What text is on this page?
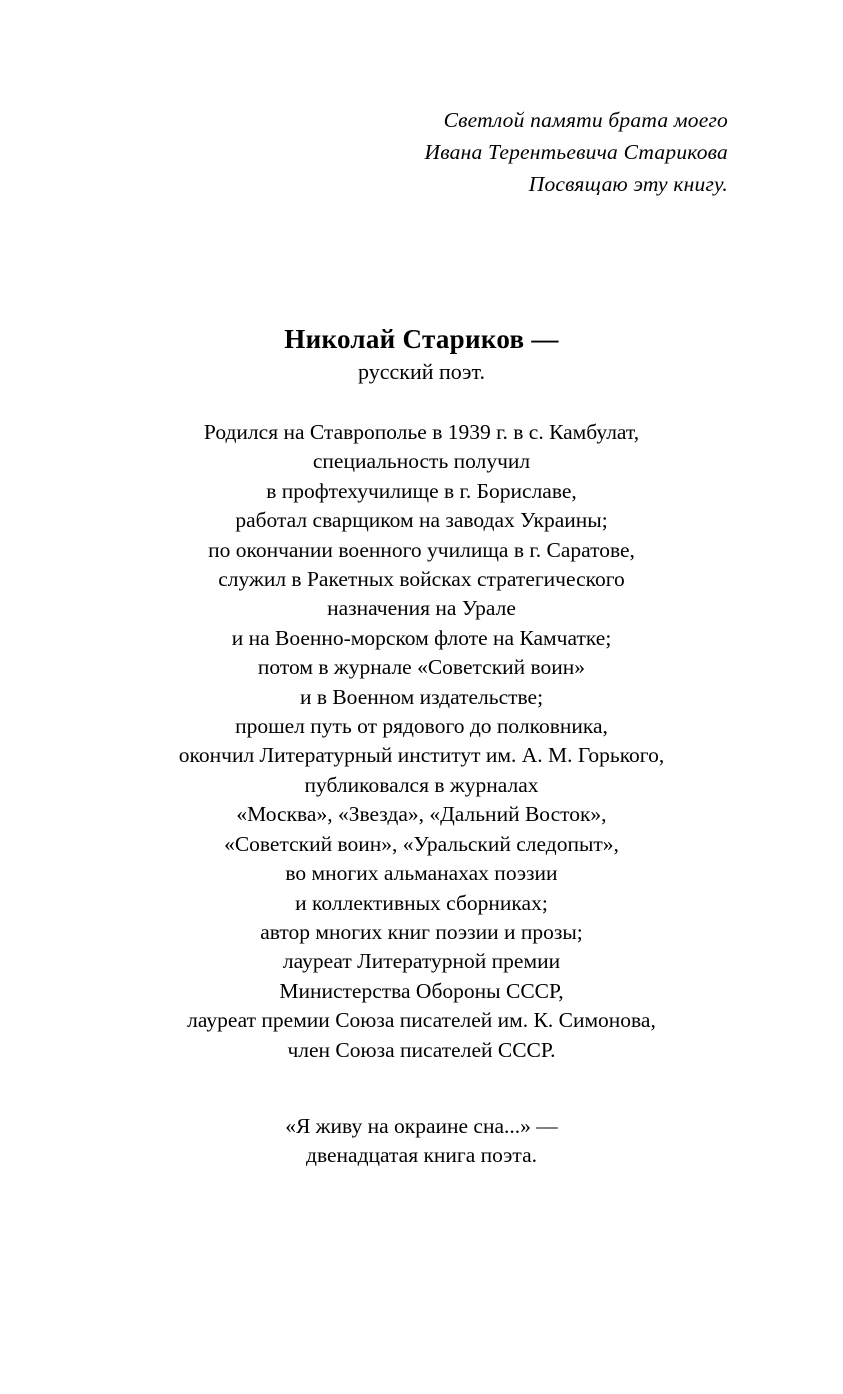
Светлой памяти брата моего
Ивана Терентьевича Старикова
Посвящаю эту книгу.
Николай Стариков —
русский поэт.
Родился на Ставрополье в 1939 г. в с. Камбулат,
специальность получил
в профтехучилище в г. Бориславе,
работал сварщиком на заводах Украины;
по окончании военного училища в г. Саратове,
служил в Ракетных войсках стратегического
назначения на Урале
и на Военно-морском флоте на Камчатке;
потом в журнале «Советский воин»
и в Военном издательстве;
прошел путь от рядового до полковника,
окончил Литературный институт им. А. М. Горького,
публиковался в журналах
«Москва», «Звезда», «Дальний Восток»,
«Советский воин», «Уральский следопыт»,
во многих альманахах поэзии
и коллективных сборниках;
автор многих книг поэзии и прозы;
лауреат Литературной премии
Министерства Обороны СССР,
лауреат премии Союза писателей им. К. Симонова,
член Союза писателей СССР.
«Я живу на окраине сна...» —
двенадцатая книга поэта.
